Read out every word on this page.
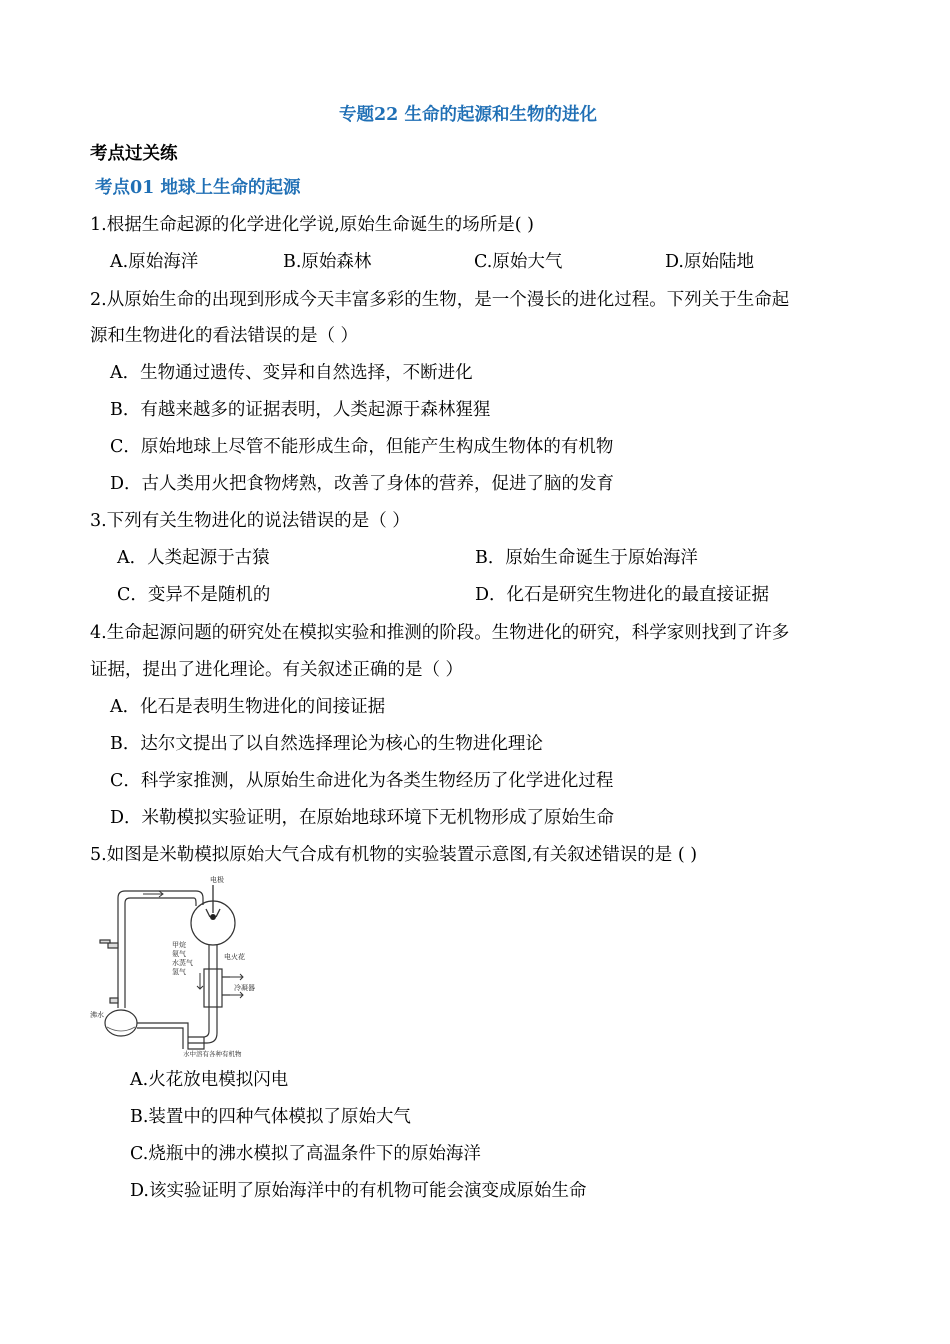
专题22 生命的起源和生物的进化
考点过关练
考点01 地球上生命的起源
1.根据生命起源的化学进化学说,原始生命诞生的场所是( )
A.原始海洋	B.原始森林	C.原始大气	D.原始陆地
2.从原始生命的出现到形成今天丰富多彩的生物，是一个漫长的进化过程。下列关于生命起
源和生物进化的看法错误的是（ ）
A．生物通过遗传、变异和自然选择，不断进化
B．有越来越多的证据表明，人类起源于森林猩猩
C．原始地球上尽管不能形成生命，但能产生构成生物体的有机物
D．古人类用火把食物烤熟，改善了身体的营养，促进了脑的发育
3.下列有关生物进化的说法错误的是（ ）
A．人类起源于古猿	B．原始生命诞生于原始海洋
C．变异不是随机的	D．化石是研究生物进化的最直接证据
4.生命起源问题的研究处在模拟实验和推测的阶段。生物进化的研究，科学家则找到了许多
证据，提出了进化理论。有关叙述正确的是（ ）
A．化石是表明生物进化的间接证据
B．达尔文提出了以自然选择理论为核心的生物进化理论
C．科学家推测，从原始生命进化为各类生物经历了化学进化过程
D．米勒模拟实验证明，在原始地球环境下无机物形成了原始生命
5.如图是米勒模拟原始大气合成有机物的实验装置示意图,有关叙述错误的是 ( )
电极
甲烷
氨气
水蒸气
氢气
电火花
冷凝器
沸水
水中溶有各种有机物
A.火花放电模拟闪电
B.装置中的四种气体模拟了原始大气
C.烧瓶中的沸水模拟了高温条件下的原始海洋
D.该实验证明了原始海洋中的有机物可能会演变成原始生命
